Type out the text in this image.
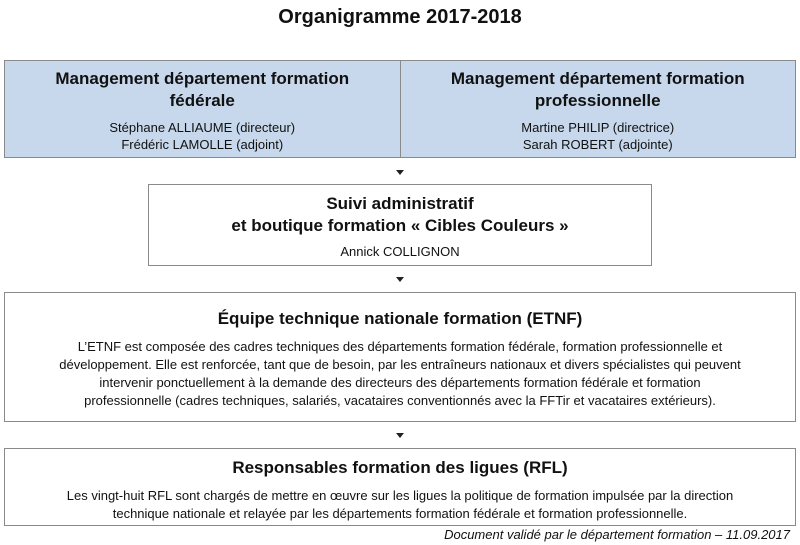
Organigramme 2017-2018
Management département formation
fédérale
Stéphane ALLIAUME (directeur)
Frédéric LAMOLLE (adjoint)
Management département formation
professionnelle
Martine PHILIP (directrice)
Sarah ROBERT (adjointe)
Suivi administratif
et boutique formation « Cibles Couleurs »
Annick COLLIGNON
Équipe technique nationale formation (ETNF)
L’ETNF est composée des cadres techniques des départements formation fédérale, formation professionnelle et
développement. Elle est renforcée, tant que de besoin, par les entraîneurs nationaux et divers spécialistes qui peuvent
intervenir ponctuellement à la demande des directeurs des départements formation fédérale et formation
professionnelle (cadres techniques, salariés, vacataires conventionnés avec la FFTir et vacataires extérieurs).
Responsables formation des ligues (RFL)
Les vingt-huit RFL sont chargés de mettre en œuvre sur les ligues la politique de formation impulsée par la direction
technique nationale et relayée par les départements formation fédérale et formation professionnelle.
Document validé par le département formation – 11.09.2017
